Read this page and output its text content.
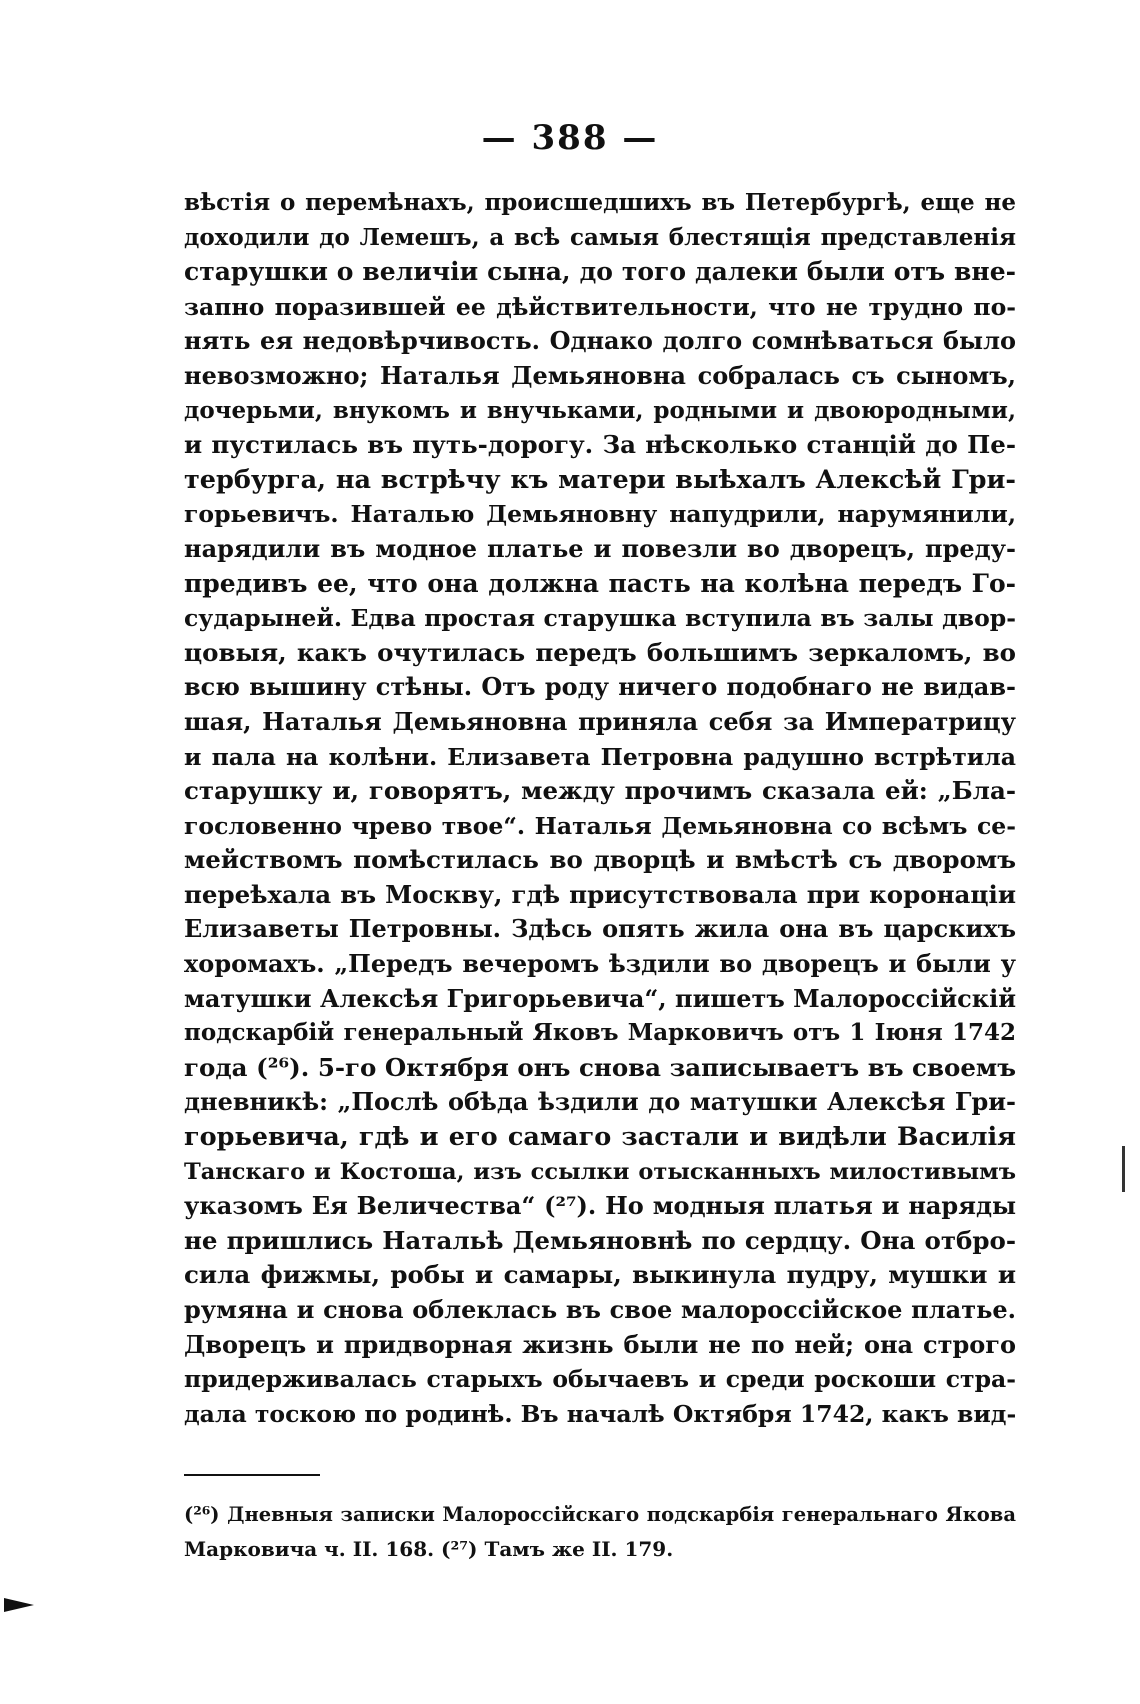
— 388 —
вѣстія о перемѣнахъ, происшедшихъ въ Петербургѣ, еще не
доходили до Лемешъ, а всѣ самыя блестящія представленія
старушки о величіи сына, до того далеки были отъ вне-
запно поразившей ее дѣйствительности, что не трудно по-
нять ея недовѣрчивость. Однако долго сомнѣваться было
невозможно; Наталья Демьяновна собралась съ сыномъ,
дочерьми, внукомъ и внучьками, родными и двоюродными,
и пустилась въ путь-дорогу. За нѣсколько станцій до Пе-
тербурга, на встрѣчу къ матери выѣхалъ Алексѣй Гри-
горьевичъ. Наталью Демьяновну напудрили, нарумянили,
нарядили въ модное платье и повезли во дворецъ, преду-
предивъ ее, что она должна пасть на колѣна передъ Го-
сударыней. Едва простая старушка вступила въ залы двор-
цовыя, какъ очутилась передъ большимъ зеркаломъ, во
всю вышину стѣны. Отъ роду ничего подобнаго не видав-
шая, Наталья Демьяновна приняла себя за Императрицу
и пала на колѣни. Елизавета Петровна радушно встрѣтила
старушку и, говорятъ, между прочимъ сказала ей: „Бла-
гословенно чрево твое“. Наталья Демьяновна со всѣмъ се-
мействомъ помѣстилась во дворцѣ и вмѣстѣ съ дворомъ
переѣхала въ Москву, гдѣ присутствовала при коронаціи
Елизаветы Петровны. Здѣсь опять жила она въ царскихъ
хоромахъ. „Передъ вечеромъ ѣздили во дворецъ и были у
матушки Алексѣя Григорьевича“, пишетъ Малороссійскій
подскарбій генеральный Яковъ Марковичъ отъ 1 Іюня 1742
года (²⁶). 5-го Октября онъ снова записываетъ въ своемъ
дневникѣ: „Послѣ обѣда ѣздили до матушки Алексѣя Гри-
горьевича, гдѣ и его самаго застали и видѣли Василія
Танскаго и Костоша, изъ ссылки отысканныхъ милостивымъ
указомъ Ея Величества“ (²⁷). Но модныя платья и наряды
не пришлись Натальѣ Демьяновнѣ по сердцу. Она отбро-
сила фижмы, робы и самары, выкинула пудру, мушки и
румяна и снова облеклась въ свое малороссійское платье.
Дворецъ и придворная жизнь были не по ней; она строго
придерживалась старыхъ обычаевъ и среди роскоши стра-
дала тоскою по родинѣ. Въ началѣ Октября 1742, какъ вид-
(²⁶) Дневныя записки Малороссійскаго подскарбія генеральнаго Якова
Марковича ч. II. 168. (²⁷) Тамъ же II. 179.
